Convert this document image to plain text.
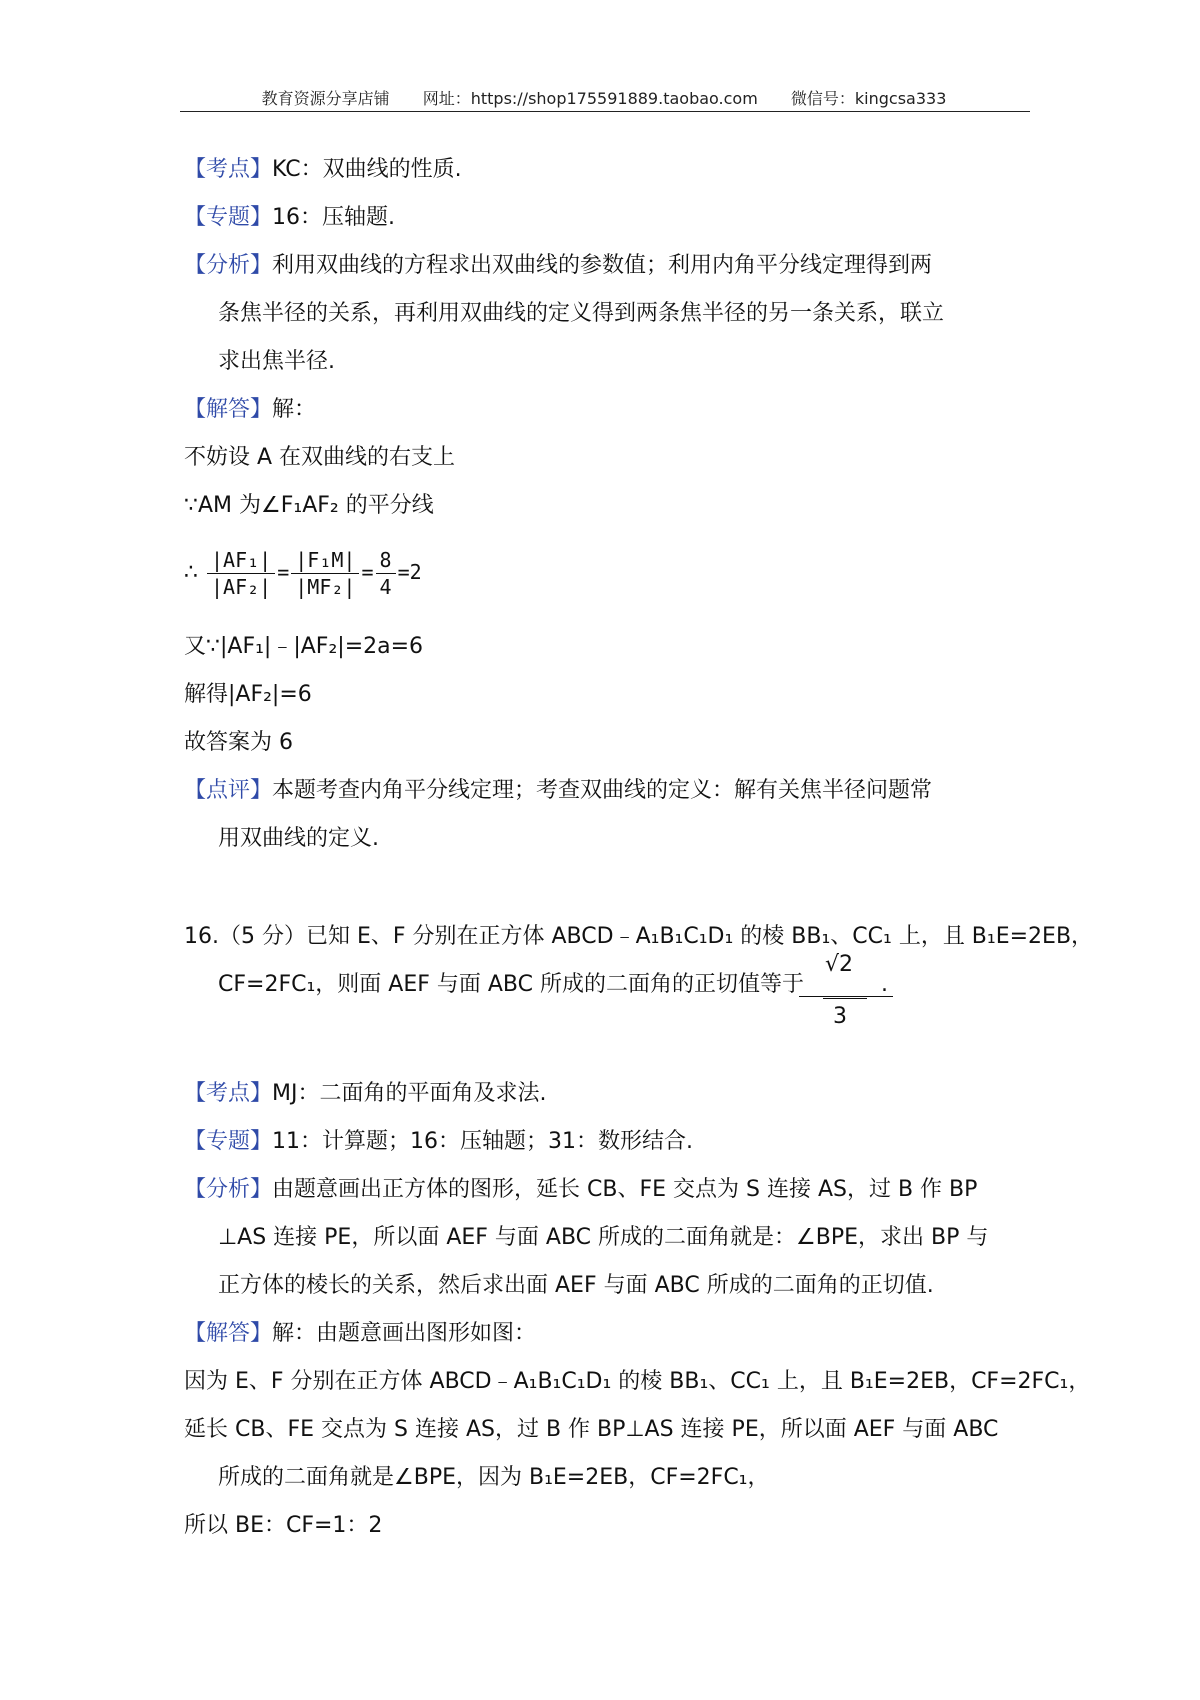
教育资源分享店铺 网址：https://shop175591889.taobao.com 微信号：kingcsa333
【考点】KC：双曲线的性质.
【专题】16：压轴题.
【分析】利用双曲线的方程求出双曲线的参数值；利用内角平分线定理得到两
条焦半径的关系，再利用双曲线的定义得到两条焦半径的另一条关系，联立
求出焦半径.
【解答】解：
不妨设 A 在双曲线的右支上
∵AM 为∠F₁AF₂ 的平分线
∴ $\frac{\text{|AF₁|}}{\text{|AF₂|}} = \frac{\text{|F₁M|}}{\text{|MF₂|}} = \frac{8}{4} =2$
又∵|AF₁|﹣|AF₂|=2a=6
解得|AF₂|=6
故答案为 6
【点评】本题考查内角平分线定理；考查双曲线的定义：解有关焦半径问题常
用双曲线的定义.
16.（5 分）已知 E、F 分别在正方体 ABCD﹣A₁B₁C₁D₁ 的棱 BB₁、CC₁ 上，且 B₁E=2EB，
CF=2FC₁，则面 AEF 与面 ABC 所成的二面角的正切值等于 $\frac{√2}{3}$ .
【考点】MJ：二面角的平面角及求法.
【专题】11：计算题；16：压轴题；31：数形结合.
【分析】由题意画出正方体的图形，延长 CB、FE 交点为 S 连接 AS，过 B 作 BP
⊥AS 连接 PE，所以面 AEF 与面 ABC 所成的二面角就是：∠BPE，求出 BP 与
正方体的棱长的关系，然后求出面 AEF 与面 ABC 所成的二面角的正切值.
【解答】解：由题意画出图形如图：
因为 E、F 分别在正方体 ABCD﹣A₁B₁C₁D₁ 的棱 BB₁、CC₁ 上，且 B₁E=2EB，CF=2FC₁，
延长 CB、FE 交点为 S 连接 AS，过 B 作 BP⊥AS 连接 PE，所以面 AEF 与面 ABC
所成的二面角就是∠BPE，因为 B₁E=2EB，CF=2FC₁，
所以 BE：CF=1：2
